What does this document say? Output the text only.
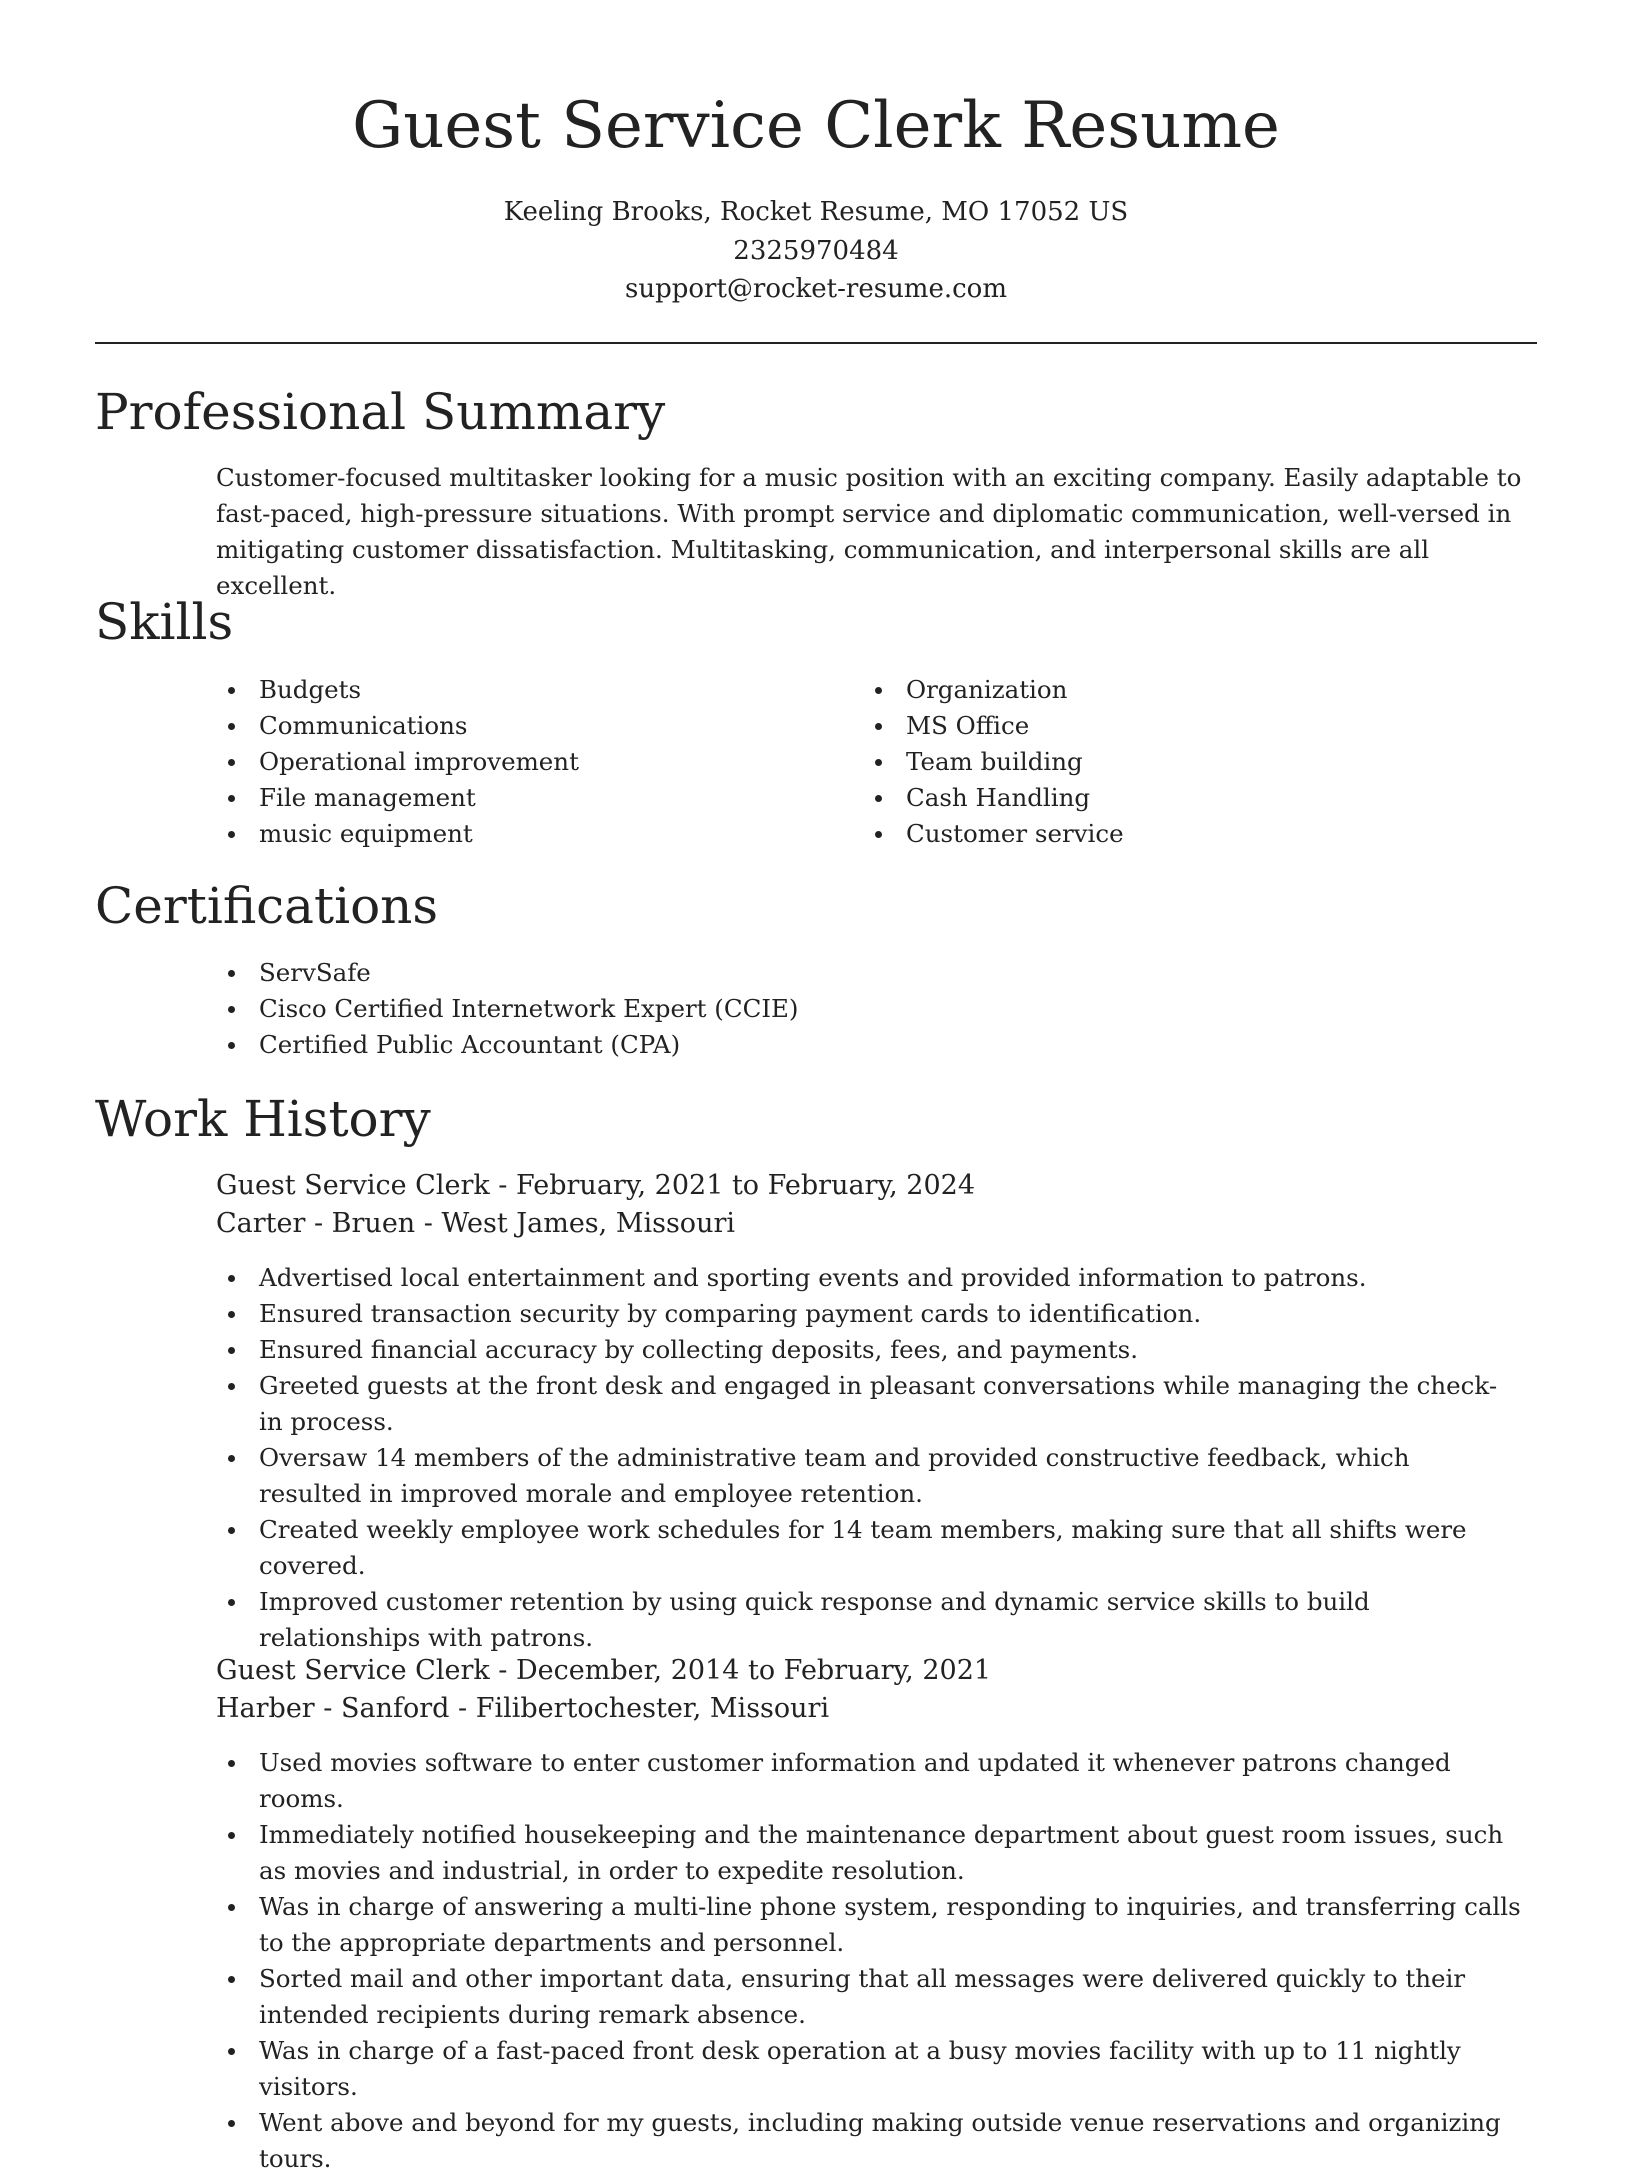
Guest Service Clerk Resume
Keeling Brooks, Rocket Resume, MO 17052 US
2325970484
support@rocket-resume.com
Professional Summary

Customer-focused multitasker looking for a music position with an exciting company. Easily adaptable to fast-paced, high-pressure situations. With prompt service and diplomatic communication, well-versed in mitigating customer dissatisfaction. Multitasking, communication, and interpersonal skills are all excellent.

Skills
Budgets
Communications
Operational improvement
File management
music equipment
Organization
MS Office
Team building
Cash Handling
Customer service
Certifications
ServSafe
Cisco Certified Internetwork Expert (CCIE)
Certified Public Accountant (CPA)
Work History
Guest Service Clerk - February, 2021 to February, 2024
Carter - Bruen - West James, Missouri
Advertised local entertainment and sporting events and provided information to patrons.
Ensured transaction security by comparing payment cards to identification.
Ensured financial accuracy by collecting deposits, fees, and payments.
Greeted guests at the front desk and engaged in pleasant conversations while managing the check-in process.
Oversaw 14 members of the administrative team and provided constructive feedback, which resulted in improved morale and employee retention.
Created weekly employee work schedules for 14 team members, making sure that all shifts were covered.
Improved customer retention by using quick response and dynamic service skills to build relationships with patrons.
Guest Service Clerk - December, 2014 to February, 2021
Harber - Sanford - Filibertochester, Missouri
Used movies software to enter customer information and updated it whenever patrons changed rooms.
Immediately notified housekeeping and the maintenance department about guest room issues, such as movies and industrial, in order to expedite resolution.
Was in charge of answering a multi-line phone system, responding to inquiries, and transferring calls to the appropriate departments and personnel.
Sorted mail and other important data, ensuring that all messages were delivered quickly to their intended recipients during remark absence.
Was in charge of a fast-paced front desk operation at a busy movies facility with up to 11 nightly visitors.
Went above and beyond for my guests, including making outside venue reservations and organizing tours.
